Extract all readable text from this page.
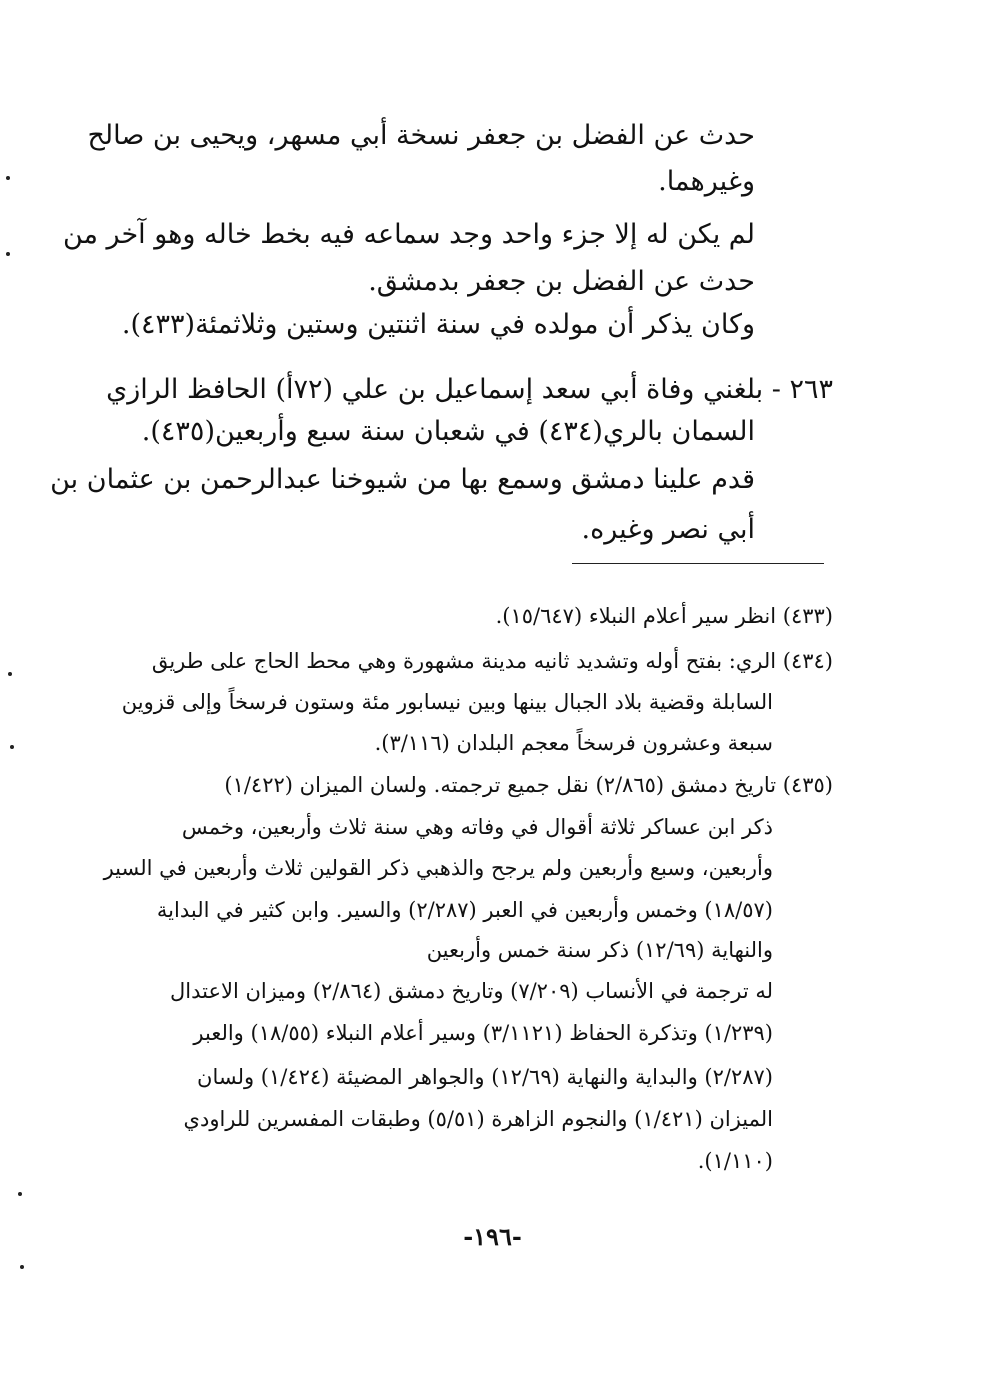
حدث عن الفضل بن جعفر نسخة أبي مسهر، ويحيى بن صالح
وغيرهما.
لم يكن له إلا جزء واحد وجد سماعه فيه بخط خاله وهو آخر من
حدث عن الفضل بن جعفر بدمشق.
وكان يذكر أن مولده في سنة اثنتين وستين وثلاثمئة(٤٣٣).
٢٦٣ - بلغني وفاة أبي سعد إسماعيل بن علي (٧٢أ) الحافظ الرازي
السمان بالري(٤٣٤) في شعبان سنة سبع وأربعين(٤٣٥).
قدم علينا دمشق وسمع بها من شيوخنا عبدالرحمن بن عثمان بن
أبي نصر وغيره.
(٤٣٣) انظر سير أعلام النبلاء (١٥/٦٤٧).
(٤٣٤) الري: بفتح أوله وتشديد ثانيه مدينة مشهورة وهي محط الحاج على طريق
السابلة وقضية بلاد الجبال بينها وبين نيسابور مئة وستون فرسخاً وإلى قزوين
سبعة وعشرون فرسخاً معجم البلدان (٣/١١٦).
(٤٣٥) تاريخ دمشق (٢/٨٦٥) نقل جميع ترجمته. ولسان الميزان (١/٤٢٢)
ذكر ابن عساكر ثلاثة أقوال في وفاته وهي سنة ثلاث وأربعين، وخمس
وأربعين، وسبع وأربعين ولم يرجح والذهبي ذكر القولين ثلاث وأربعين في السير
(١٨/٥٧) وخمس وأربعين في العبر (٢/٢٨٧) والسير. وابن كثير في البداية
والنهاية (١٢/٦٩) ذكر سنة خمس وأربعين
له ترجمة في الأنساب (٧/٢٠٩) وتاريخ دمشق (٢/٨٦٤) وميزان الاعتدال
(١/٢٣٩) وتذكرة الحفاظ (٣/١١٢١) وسير أعلام النبلاء (١٨/٥٥) والعبر
(٢/٢٨٧) والبداية والنهاية (١٢/٦٩) والجواهر المضيئة (١/٤٢٤) ولسان
الميزان (١/٤٢١) والنجوم الزاهرة (٥/٥١) وطبقات المفسرين للراودي
(١/١١٠).
-١٩٦-
